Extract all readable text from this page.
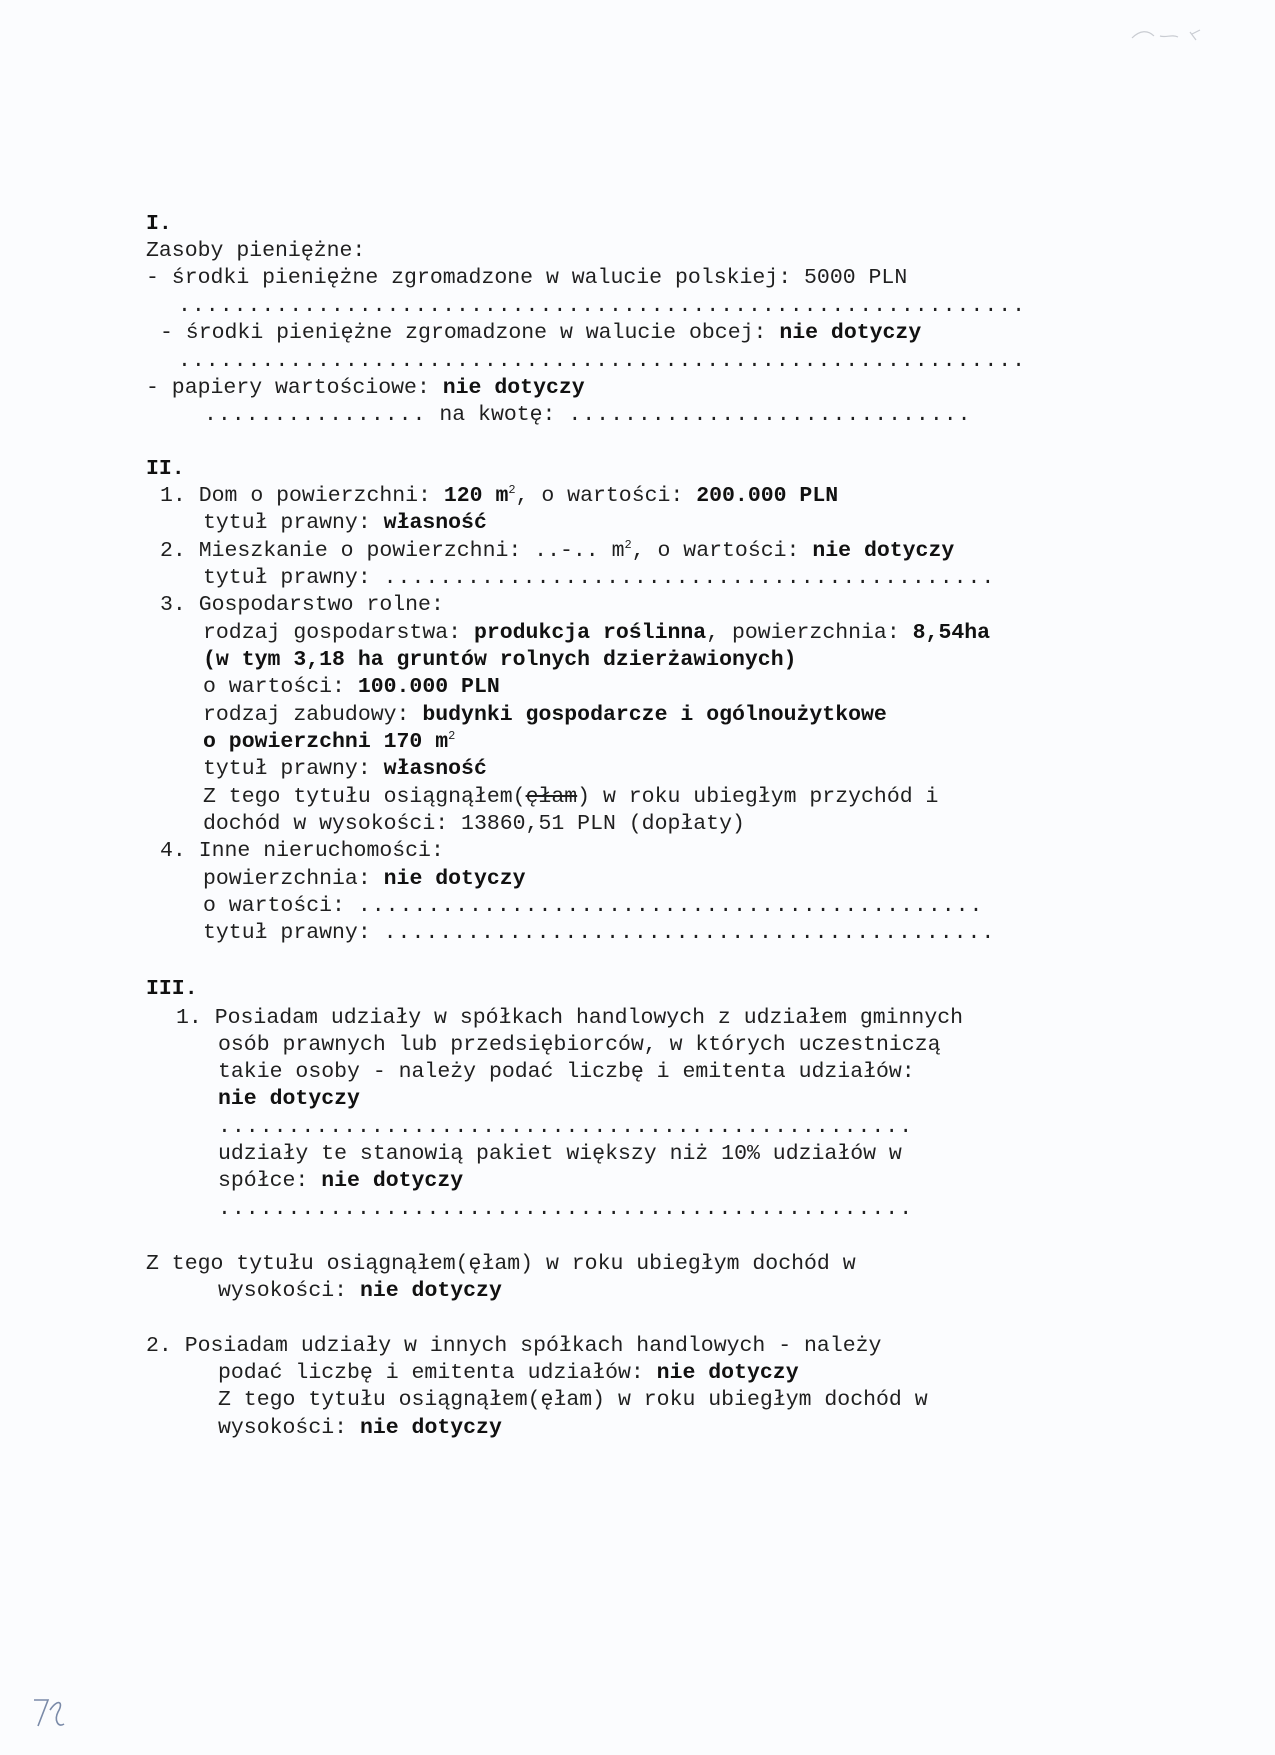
I.
Zasoby pieniężne:
- środki pieniężne zgromadzone w walucie polskiej: 5000 PLN
.............................................................
- środki pieniężne zgromadzone w walucie obcej: nie dotyczy
.............................................................
- papiery wartościowe: nie dotyczy
................ na kwotę: .............................
II.
1. Dom o powierzchni: 120 $m^2$, o wartości: 200.000 PLN
tytuł prawny: własność
2. Mieszkanie o powierzchni: ..-.. $m^2$, o wartości: nie dotyczy
tytuł prawny: ............................................
3. Gospodarstwo rolne:
rodzaj gospodarstwa: produkcja roślinna, powierzchnia: 8,54ha
(w tym 3,18 ha gruntów rolnych dzierżawionych)
o wartości: 100.000 PLN
rodzaj zabudowy: budynki gospodarcze i ogólnoużytkowe
o powierzchni 170 $m^2$
tytuł prawny: własność
Z tego tytułu osiągnąłem(ęłam) w roku ubiegłym przychód i
dochód w wysokości: 13860,51 PLN (dopłaty)
4. Inne nieruchomości:
powierzchnia: nie dotyczy
o wartości: .............................................
tytuł prawny: ............................................
III.
1. Posiadam udziały w spółkach handlowych z udziałem gminnych
osób prawnych lub przedsiębiorców, w których uczestniczą
takie osoby - należy podać liczbę i emitenta udziałów:
nie dotyczy
..................................................
udziały te stanowią pakiet większy niż 10% udziałów w
spółce: nie dotyczy
..................................................
Z tego tytułu osiągnąłem(ęłam) w roku ubiegłym dochód w
wysokości: nie dotyczy
2. Posiadam udziały w innych spółkach handlowych - należy
podać liczbę i emitenta udziałów: nie dotyczy
Z tego tytułu osiągnąłem(ęłam) w roku ubiegłym dochód w
wysokości: nie dotyczy
